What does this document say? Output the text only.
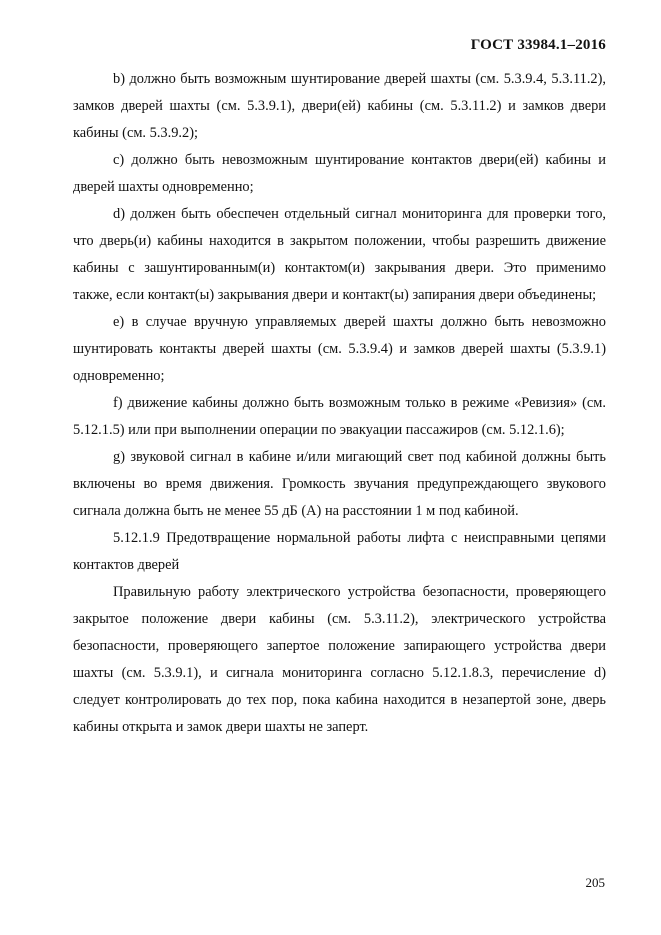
ГОСТ 33984.1–2016

b) должно быть возможным шунтирование дверей шахты (см. 5.3.9.4, 5.3.11.2), замков дверей шахты (см. 5.3.9.1), двери(ей) кабины (см. 5.3.11.2) и замков двери кабины (см. 5.3.9.2);

c) должно быть невозможным шунтирование контактов двери(ей) кабины и дверей шахты одновременно;

d) должен быть обеспечен отдельный сигнал мониторинга для проверки того, что дверь(и) кабины находится в закрытом положении, чтобы разрешить движение кабины с зашунтированным(и) контактом(и) закрывания двери. Это применимо также, если контакт(ы) закрывания двери и контакт(ы) запирания двери объединены;

e) в случае вручную управляемых дверей шахты должно быть невозможно шунтировать контакты дверей шахты (см. 5.3.9.4) и замков дверей шахты (5.3.9.1) одновременно;

f) движение кабины должно быть возможным только в режиме «Ревизия» (см. 5.12.1.5) или при выполнении операции по эвакуации пассажиров (см. 5.12.1.6);

g) звуковой сигнал в кабине и/или мигающий свет под кабиной должны быть включены во время движения. Громкость звучания предупреждающего звукового сигнала должна быть не менее 55 дБ (А) на расстоянии 1 м под кабиной.

5.12.1.9 Предотвращение нормальной работы лифта с неисправными цепями контактов дверей

Правильную работу электрического устройства безопасности, проверяющего закрытое положение двери кабины (см. 5.3.11.2), электрического устройства безопасности, проверяющего запертое положение запирающего устройства двери шахты (см. 5.3.9.1), и сигнала мониторинга согласно 5.12.1.8.3, перечисление d) следует контролировать до тех пор, пока кабина находится в незапертой зоне, дверь кабины открыта и замок двери шахты не заперт.

205
